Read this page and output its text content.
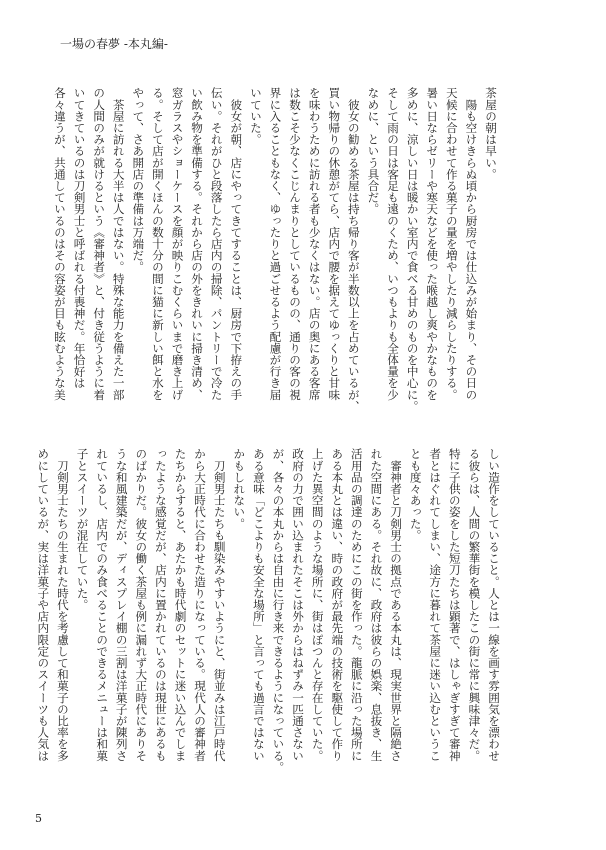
一場の春夢 -本丸編-
茶屋の朝は早い。
　陽も空けきらぬ頃から厨房では仕込みが始まり、その日の
天候に合わせて作る菓子の量を増やしたり減らしたりする。
暑い日ならゼリーや寒天などを使った喉越し爽やかなものを
多めに、涼しい日は暖かい室内で食べる甘めのものを中心に。
そして雨の日は客足も遠のくため、いつもよりも全体量を少
なめに、という具合だ。
　彼女の勧める茶屋は持ち帰り客が半数以上を占めているが、
買い物帰りの休憩がてら、店内で腰を据えてゆっくりと甘味
を味わうために訪れる者も少なくはない。店の奥にある客席
は数こそ少なくこじんまりとしているものの、通りの客の視
界に入ることもなく、ゆったりと過ごせるよう配慮が行き届
いていた。
　彼女が朝、店にやってきてすることは、厨房で下拵えの手
伝い。それがひと段落したら店内の掃除、パントリーで冷た
い飲み物を準備する。それから店の外をきれいに掃き清め、
窓ガラスやショーケースを顔が映りこむくらいまで磨き上げ
る。そして店が開くほんの数十分の間に猫に新しい餌と水を
やって、さあ開店の準備は万端だ。
　茶屋に訪れる大半は人ではない。特殊な能力を備えた一部
の人間のみが就けるという《審神者》と、付き従うように着
いてきているのは刀剣男士と呼ばれる付喪神だ。年恰好は
各々違うが、共通しているのはその容姿が目も眩むような美
しい造作をしていること。人とは一線を画す雰囲気を漂わせ
る彼らは、人間の繁華街を模したこの街に常に興味津々だ。
特に子供の姿をした短刀たちは顕著で、はしゃぎすぎて審神
者とはぐれてしまい、途方に暮れて茶屋に迷い込むというこ
とも度々あった。
　審神者と刀剣男士の拠点である本丸は、現実世界と隔絶さ
れた空間にある。それ故に、政府は彼らの娯楽、息抜き、生
活用品の調達のためにこの街を作った。龍脈に沿った場所に
ある本丸とは違い、時の政府が最先端の技術を駆使して作り
上げた異空間のような場所に、街はぽつんと存在していた。
政府の力で囲い込まれたそこは外からはねずみ一匹通さない
が、各々の本丸からは自由に行き来できるようになっている。
ある意味「どこよりも安全な場所」と言っても過言ではない
かもしれない。
　刀剣男士たちも馴染みやすいようにと、街並みは江戸時代
から大正時代に合わせた造りになっている。現代人の審神者
たちからすると、あたかも時代劇のセットに迷い込んでしま
ったような感覚だが、店内に置かれているのは現世にあるも
のばかりだ。彼女の働く茶屋も例に漏れず大正時代にありそ
うな和風建築だが、ディスプレイ棚の三割は洋菓子が陳列さ
れているし、店内でのみ食べることのできるメニューは和菓
子とスイーツが混在していた。
　刀剣男士たちの生まれた時代を考慮して和菓子の比率を多
めにしているが、実は洋菓子や店内限定のスイーツも人気は
5
